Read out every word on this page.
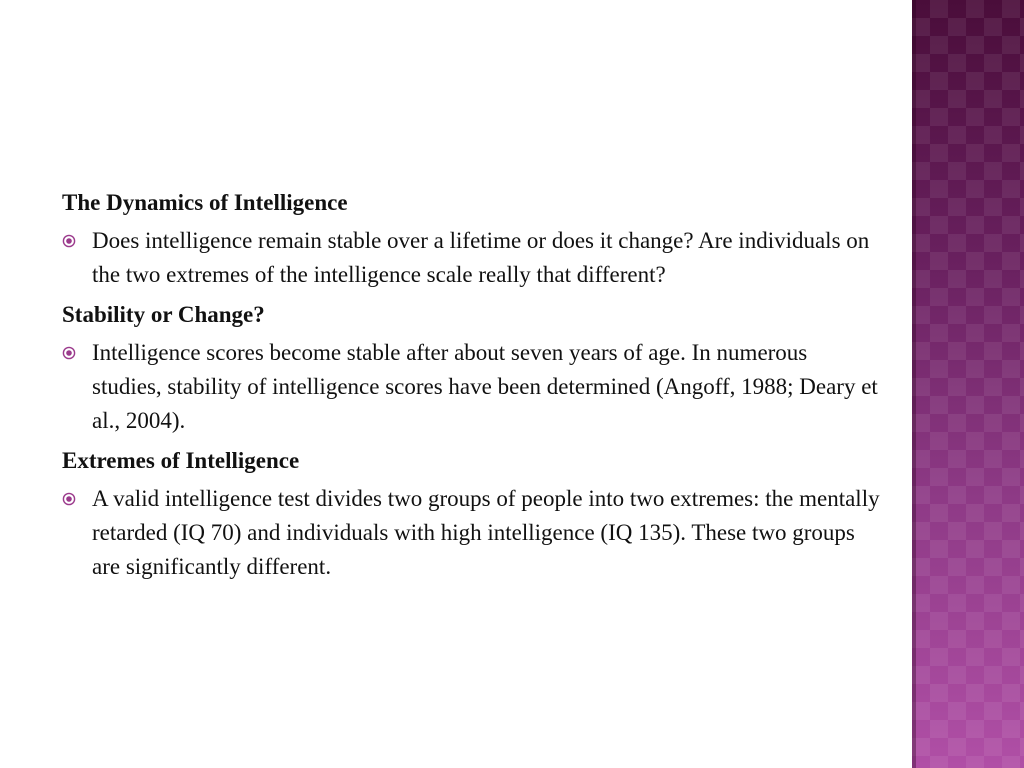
The Dynamics of Intelligence
Does intelligence remain stable over a lifetime or does it change? Are individuals on the two extremes of the intelligence scale really that different?
Stability or Change?
Intelligence scores become stable after about seven years of age. In numerous studies, stability of intelligence scores have been determined (Angoff, 1988; Deary et al., 2004).
Extremes of Intelligence
A valid intelligence test divides two groups of people into two extremes: the mentally retarded (IQ 70) and individuals with high intelligence (IQ 135). These two groups are significantly different.
